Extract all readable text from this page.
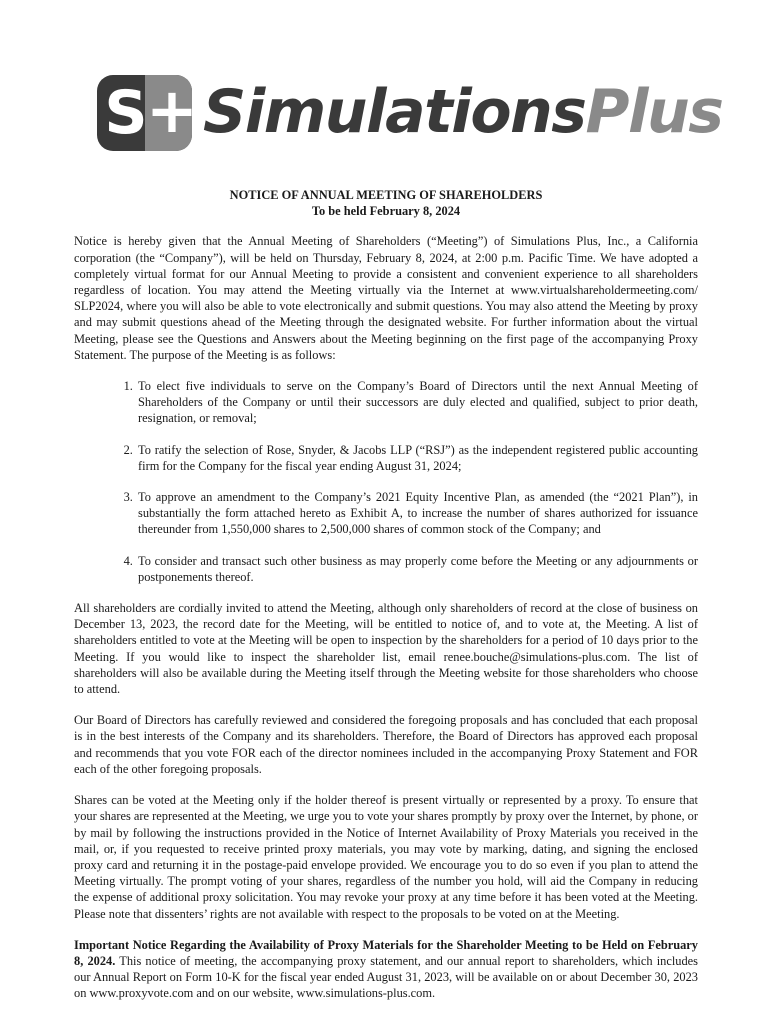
S
+ SimulationsPlus
NOTICE OF ANNUAL MEETING OF SHAREHOLDERS
To be held February 8, 2024

Notice is hereby given that the Annual Meeting of Shareholders (“Meeting”) of Simulations Plus, Inc., a California corporation (the “Company”), will be held on Thursday, February 8, 2024, at 2:00 p.m. Pacific Time. We have adopted a completely virtual format for our Annual Meeting to provide a consistent and convenient experience to all shareholders regardless of location. You may attend the Meeting virtually via the Internet at www.virtualshareholdermeeting.com/ SLP2024, where you will also be able to vote electronically and submit questions. You may also attend the Meeting by proxy and may submit questions ahead of the Meeting through the designated website. For further information about the virtual Meeting, please see the Questions and Answers about the Meeting beginning on the first page of the accompanying Proxy Statement. The purpose of the Meeting is as follows:

1. To elect five individuals to serve on the Company’s Board of Directors until the next Annual Meeting of Shareholders of the Company or until their successors are duly elected and qualified, subject to prior death, resignation, or removal;
2. To ratify the selection of Rose, Snyder, & Jacobs LLP (“RSJ”) as the independent registered public accounting firm for the Company for the fiscal year ending August 31, 2024;
3. To approve an amendment to the Company’s 2021 Equity Incentive Plan, as amended (the “2021 Plan”), in substantially the form attached hereto as Exhibit A, to increase the number of shares authorized for issuance thereunder from 1,550,000 shares to 2,500,000 shares of common stock of the Company; and
4. To consider and transact such other business as may properly come before the Meeting or any adjournments or postponements thereof.

All shareholders are cordially invited to attend the Meeting, although only shareholders of record at the close of business on December 13, 2023, the record date for the Meeting, will be entitled to notice of, and to vote at, the Meeting. A list of shareholders entitled to vote at the Meeting will be open to inspection by the shareholders for a period of 10 days prior to the Meeting. If you would like to inspect the shareholder list, email renee.bouche@simulations-plus.com. The list of shareholders will also be available during the Meeting itself through the Meeting website for those shareholders who choose to attend.

Our Board of Directors has carefully reviewed and considered the foregoing proposals and has concluded that each proposal is in the best interests of the Company and its shareholders. Therefore, the Board of Directors has approved each proposal and recommends that you vote FOR each of the director nominees included in the accompanying Proxy Statement and FOR each of the other foregoing proposals.

Shares can be voted at the Meeting only if the holder thereof is present virtually or represented by a proxy. To ensure that your shares are represented at the Meeting, we urge you to vote your shares promptly by proxy over the Internet, by phone, or by mail by following the instructions provided in the Notice of Internet Availability of Proxy Materials you received in the mail, or, if you requested to receive printed proxy materials, you may vote by marking, dating, and signing the enclosed proxy card and returning it in the postage-paid envelope provided. We encourage you to do so even if you plan to attend the Meeting virtually. The prompt voting of your shares, regardless of the number you hold, will aid the Company in reducing the expense of additional proxy solicitation. You may revoke your proxy at any time before it has been voted at the Meeting. Please note that dissenters’ rights are not available with respect to the proposals to be voted on at the Meeting.

Important Notice Regarding the Availability of Proxy Materials for the Shareholder Meeting to be Held on February 8, 2024. This notice of meeting, the accompanying proxy statement, and our annual report to shareholders, which includes our Annual Report on Form 10-K for the fiscal year ended August 31, 2023, will be available on or about December 30, 2023 on www.proxyvote.com and on our website, www.simulations-plus.com.
